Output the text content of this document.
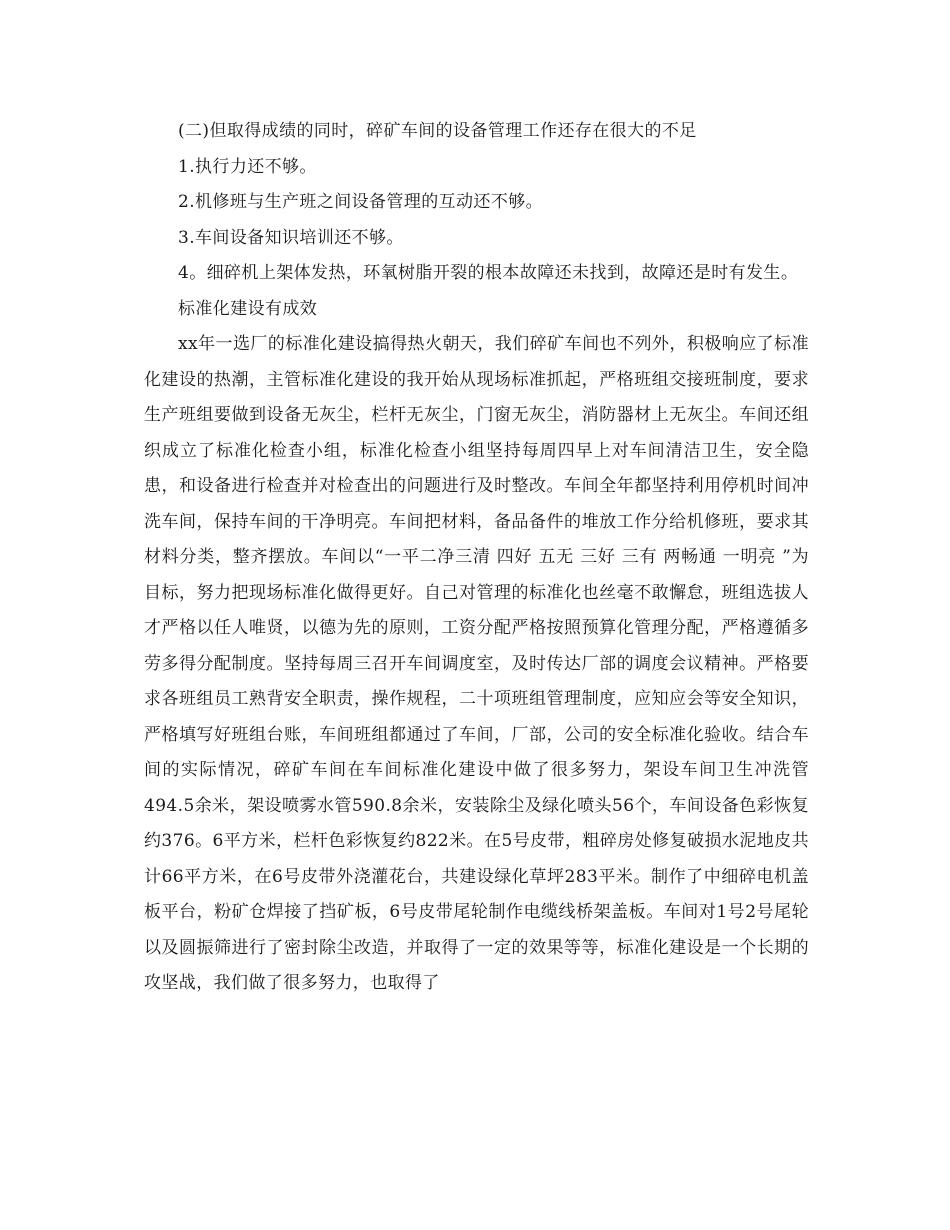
(二)但取得成绩的同时，碎矿车间的设备管理工作还存在很大的不足

1.执行力还不够。

2.机修班与生产班之间设备管理的互动还不够。

3.车间设备知识培训还不够。

4。细碎机上架体发热，环氧树脂开裂的根本故障还未找到，故障还是时有发生。

标准化建设有成效

xx年一选厂的标准化建设搞得热火朝天，我们碎矿车间也不列外，积极响应了标准化建设的热潮，主管标准化建设的我开始从现场标准抓起，严格班组交接班制度，要求生产班组要做到设备无灰尘，栏杆无灰尘，门窗无灰尘，消防器材上无灰尘。车间还组织成立了标准化检查小组，标准化检查小组坚持每周四早上对车间清洁卫生，安全隐患，和设备进行检查并对检查出的问题进行及时整改。车间全年都坚持利用停机时间冲洗车间，保持车间的干净明亮。车间把材料，备品备件的堆放工作分给机修班，要求其材料分类，整齐摆放。车间以“一平二净三清 四好 五无 三好 三有 两畅通 一明亮 ”为目标，努力把现场标准化做得更好。自己对管理的标准化也丝毫不敢懈怠，班组选拔人才严格以任人唯贤，以德为先的原则，工资分配严格按照预算化管理分配，严格遵循多劳多得分配制度。坚持每周三召开车间调度室，及时传达厂部的调度会议精神。严格要求各班组员工熟背安全职责，操作规程，二十项班组管理制度，应知应会等安全知识，严格填写好班组台账，车间班组都通过了车间，厂部，公司的安全标准化验收。结合车间的实际情况，碎矿车间在车间标准化建设中做了很多努力，架设车间卫生冲洗管494.5余米，架设喷雾水管590.8余米，安装除尘及绿化喷头56个，车间设备色彩恢复约376。6平方米，栏杆色彩恢复约822米。在5号皮带，粗碎房处修复破损水泥地皮共计66平方米，在6号皮带外浇灌花台，共建设绿化草坪283平米。制作了中细碎电机盖板平台，粉矿仓焊接了挡矿板，6号皮带尾轮制作电缆线桥架盖板。车间对1号2号尾轮以及圆振筛进行了密封除尘改造，并取得了一定的效果等等，标准化建设是一个长期的攻坚战，我们做了很多努力，也取得了
